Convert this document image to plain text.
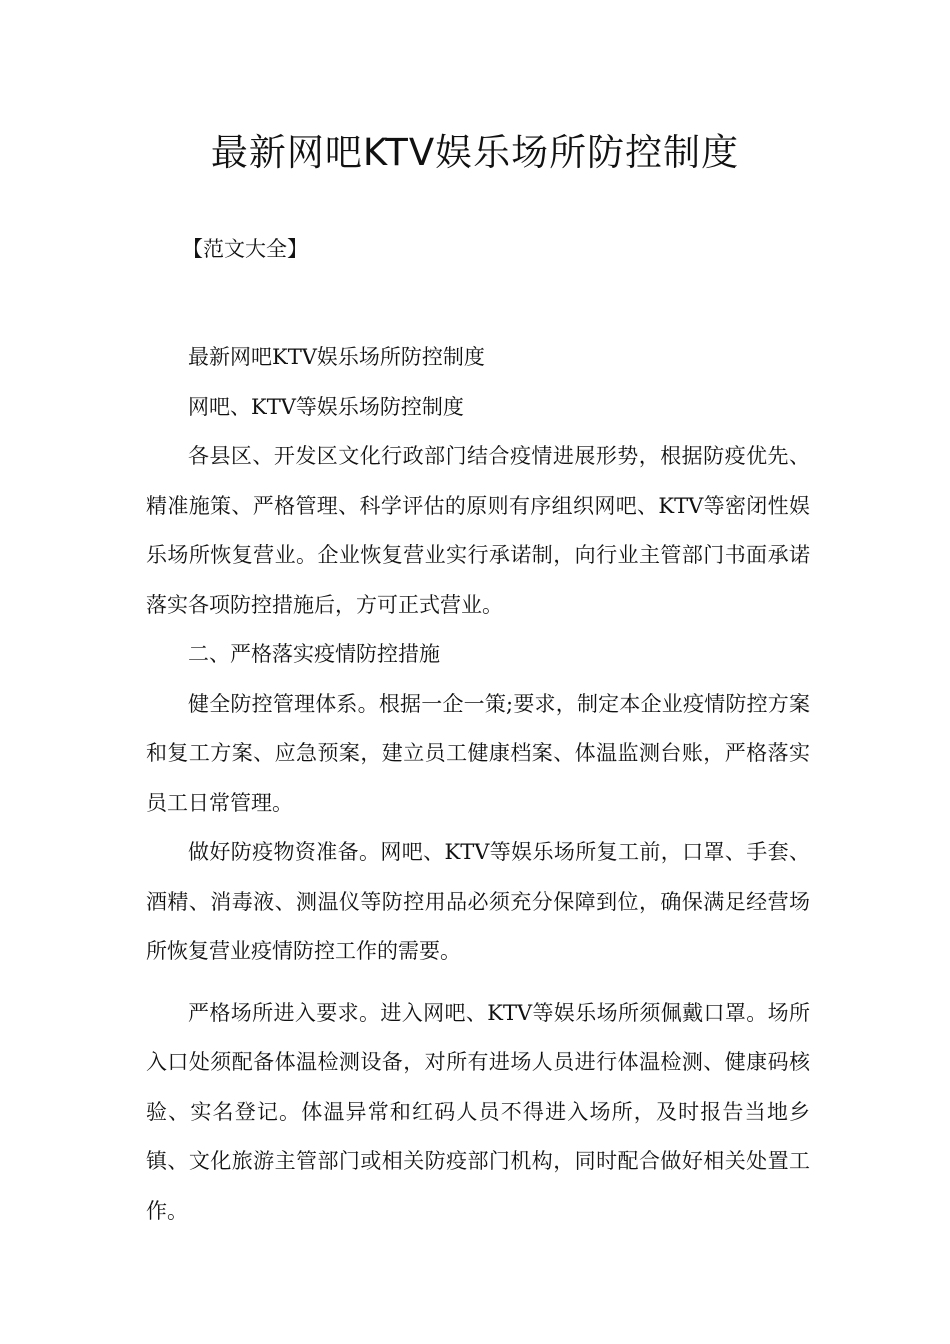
最新网吧KTV娱乐场所防控制度
【范文大全】

最新网吧KTV娱乐场所防控制度

网吧、KTV等娱乐场防控制度

各县区、开发区文化行政部门结合疫情进展形势，根据防疫优先、精准施策、严格管理、科学评估的原则有序组织网吧、KTV等密闭性娱乐场所恢复营业。企业恢复营业实行承诺制，向行业主管部门书面承诺落实各项防控措施后，方可正式营业。

二、严格落实疫情防控措施

健全防控管理体系。根据一企一策;要求，制定本企业疫情防控方案和复工方案、应急预案，建立员工健康档案、体温监测台账，严格落实员工日常管理。

做好防疫物资准备。网吧、KTV等娱乐场所复工前，口罩、手套、酒精、消毒液、测温仪等防控用品必须充分保障到位，确保满足经营场所恢复营业疫情防控工作的需要。

严格场所进入要求。进入网吧、KTV等娱乐场所须佩戴口罩。场所入口处须配备体温检测设备，对所有进场人员进行体温检测、健康码核验、实名登记。体温异常和红码人员不得进入场所，及时报告当地乡镇、文化旅游主管部门或相关防疫部门机构，同时配合做好相关处置工作。
